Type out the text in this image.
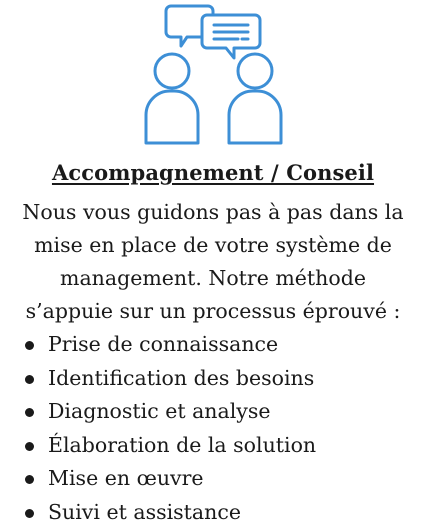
Accompagnement / Conseil

Nous vous guidons pas à pas dans la
mise en place de votre système de
management. Notre méthode
s’appuie sur un processus éprouvé :

Prise de connaissance
Identification des besoins
Diagnostic et analyse
Élaboration de la solution
Mise en œuvre
Suivi et assistance
